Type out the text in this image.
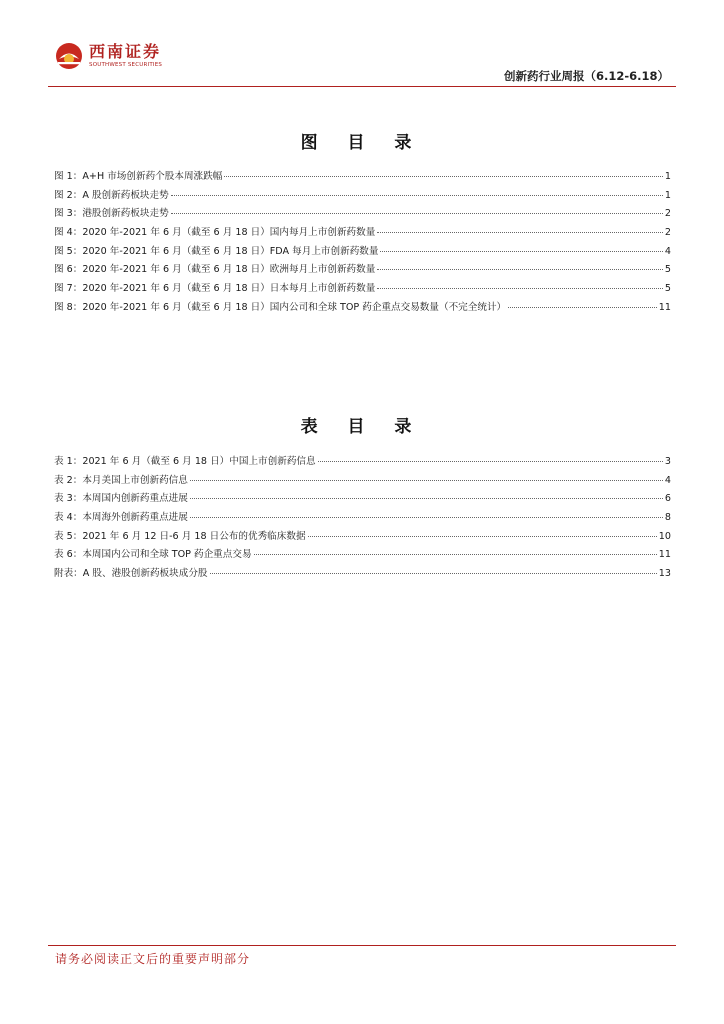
西南证券
SOUTHWEST SECURITIES
创新药行业周报（6.12-6.18）
图 目 录
图 1：A+H 市场创新药个股本周涨跌幅	1
图 2：A 股创新药板块走势	1
图 3：港股创新药板块走势	2
图 4：2020 年-2021 年 6 月（截至 6 月 18 日）国内每月上市创新药数量	2
图 5：2020 年-2021 年 6 月（截至 6 月 18 日）FDA 每月上市创新药数量	4
图 6：2020 年-2021 年 6 月（截至 6 月 18 日）欧洲每月上市创新药数量	5
图 7：2020 年-2021 年 6 月（截至 6 月 18 日）日本每月上市创新药数量	5
图 8：2020 年-2021 年 6 月（截至 6 月 18 日）国内公司和全球 TOP 药企重点交易数量（不完全统计）	11
表 目 录
表 1：2021 年 6 月（截至 6 月 18 日）中国上市创新药信息	3
表 2：本月美国上市创新药信息	4
表 3：本周国内创新药重点进展	6
表 4：本周海外创新药重点进展	8
表 5：2021 年 6 月 12 日-6 月 18 日公布的优秀临床数据	10
表 6：本周国内公司和全球 TOP 药企重点交易	11
附表：A 股、港股创新药板块成分股	13
请务必阅读正文后的重要声明部分
